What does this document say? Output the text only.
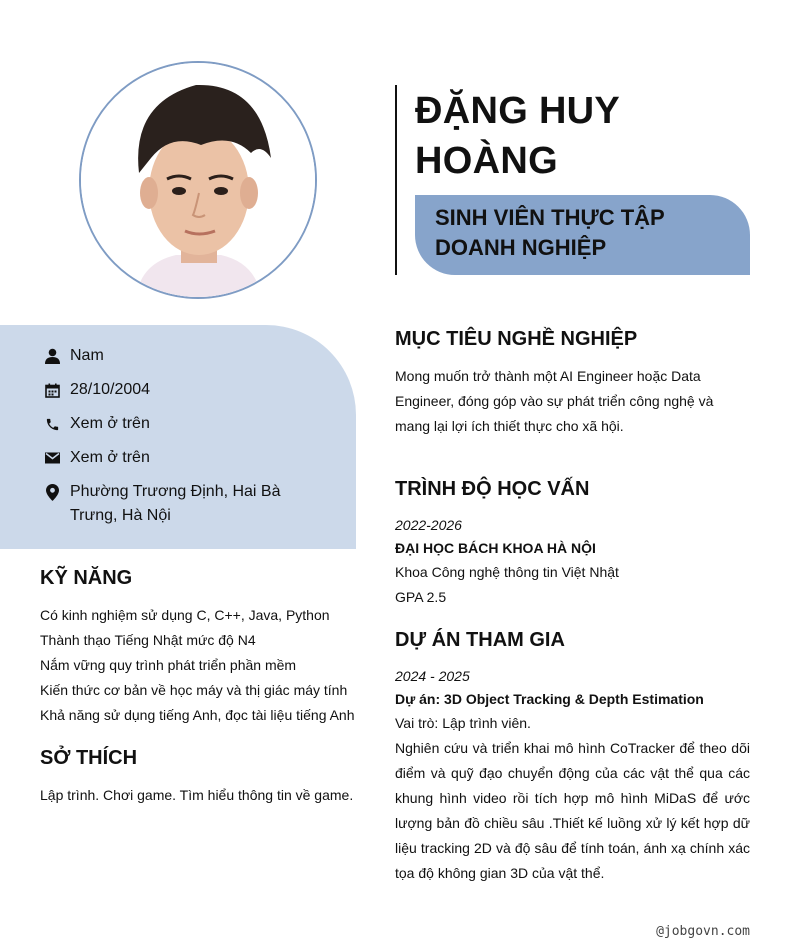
ĐẶNG HUY
HOÀNG
SINH VIÊN THỰC TẬP
DOANH NGHIỆP
Nam
28/10/2004
Xem ở trên
Xem ở trên
Phường Trương Định, Hai Bà Trưng, Hà Nội
KỸ NĂNG
Có kinh nghiệm sử dụng C, C++, Java, Python
Thành thạo Tiếng Nhật mức độ N4
Nắm vững quy trình phát triển phần mềm
Kiến thức cơ bản về học máy và thị giác máy tính
Khả năng sử dụng tiếng Anh, đọc tài liệu tiếng Anh
SỞ THÍCH
Lập trình. Chơi game. Tìm hiểu thông tin về game.
MỤC TIÊU NGHỀ NGHIỆP
Mong muốn trở thành một AI Engineer hoặc Data Engineer, đóng góp vào sự phát triển công nghệ và mang lại lợi ích thiết thực cho xã hội.
TRÌNH ĐỘ HỌC VẤN
2022-2026
ĐẠI HỌC BÁCH KHOA HÀ NỘI
Khoa Công nghệ thông tin Việt Nhật
GPA 2.5
DỰ ÁN THAM GIA
2024 - 2025
Dự án: 3D Object Tracking & Depth Estimation
Vai trò: Lập trình viên.
Nghiên cứu và triển khai mô hình CoTracker để theo dõi điểm và quỹ đạo chuyển động của các vật thể qua các khung hình video rồi tích hợp mô hình MiDaS để ước lượng bản đồ chiều sâu .Thiết kế luồng xử lý kết hợp dữ liệu tracking 2D và độ sâu để tính toán, ánh xạ chính xác tọa độ không gian 3D của vật thể.
@jobgovn.com
